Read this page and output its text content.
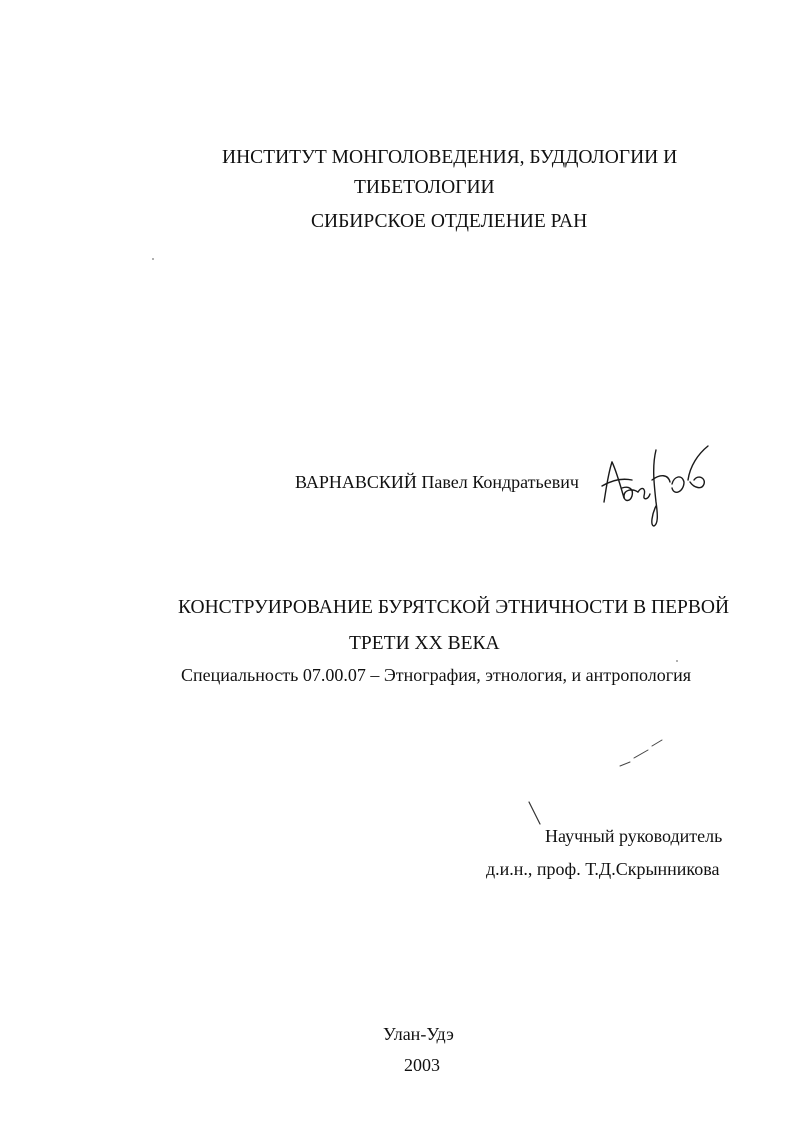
ИНСТИТУТ МОНГОЛОВЕДЕНИЯ, БУДДОЛОГИИ И
ТИБЕТОЛОГИИ
СИБИРСКОЕ ОТДЕЛЕНИЕ РАН
ВАРНАВСКИЙ Павел Кондратьевич
КОНСТРУИРОВАНИЕ БУРЯТСКОЙ ЭТНИЧНОСТИ В ПЕРВОЙ
ТРЕТИ XX ВЕКА
Специальность 07.00.07 – Этнография, этнология, и антропология
Научный руководитель
д.и.н., проф. Т.Д.Скрынникова
Улан-Удэ
2003
